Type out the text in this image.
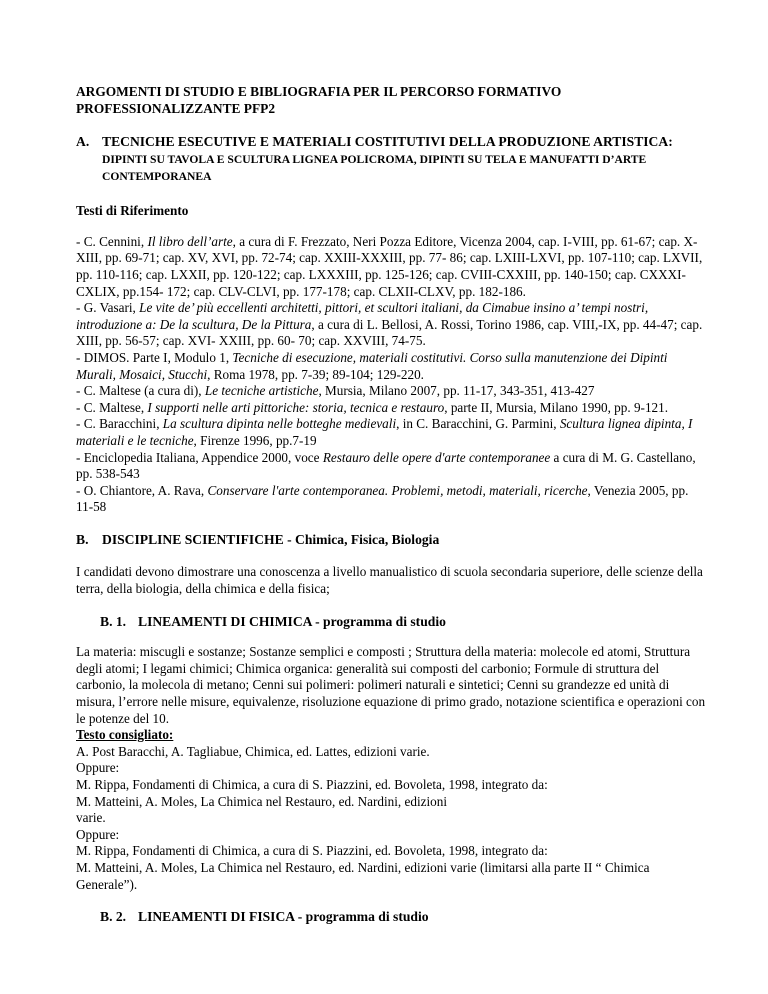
ARGOMENTI DI STUDIO E BIBLIOGRAFIA PER IL PERCORSO FORMATIVO PROFESSIONALIZZANTE PFP2
A. TECNICHE ESECUTIVE E MATERIALI COSTITUTIVI DELLA PRODUZIONE ARTISTICA: DIPINTI SU TAVOLA E SCULTURA LIGNEA POLICROMA, DIPINTI SU TELA E MANUFATTI D’ARTE CONTEMPORANEA
Testi di Riferimento

- C. Cennini, Il libro dell’arte, a cura di F. Frezzato, Neri Pozza Editore, Vicenza 2004, cap. I-VIII, pp. 61-67; cap. X-XIII, pp. 69-71; cap. XV, XVI, pp. 72-74; cap. XXIII-XXXIII, pp. 77- 86; cap. LXIII-LXVI, pp. 107-110; cap. LXVII, pp. 110-116; cap. LXXII, pp. 120-122; cap. LXXXIII, pp. 125-126; cap. CVIII-CXXIII, pp. 140-150; cap. CXXXI-CXLIX, pp.154- 172; cap. CLV-CLVI, pp. 177-178; cap. CLXII-CLXV, pp. 182-186.

- G. Vasari, Le vite de’ più eccellenti architetti, pittori, et scultori italiani, da Cimabue insino a’ tempi nostri, introduzione a: De la scultura, De la Pittura, a cura di L. Bellosi, A. Rossi, Torino 1986, cap. VIII,-IX, pp. 44-47; cap. XIII, pp. 56-57; cap. XVI- XXIII, pp. 60- 70; cap. XXVIII, 74-75.

- DIMOS. Parte I, Modulo 1, Tecniche di esecuzione, materiali costitutivi. Corso sulla manutenzione dei Dipinti Murali, Mosaici, Stucchi, Roma 1978, pp. 7-39; 89-104; 129-220.

- C. Maltese (a cura di), Le tecniche artistiche, Mursia, Milano 2007, pp. 11-17, 343-351, 413-427

- C. Maltese, I supporti nelle arti pittoriche: storia, tecnica e restauro, parte II, Mursia, Milano 1990, pp. 9-121.

- C. Baracchini, La scultura dipinta nelle botteghe medievali, in C. Baracchini, G. Parmini, Scultura lignea dipinta, I materiali e le tecniche, Firenze 1996, pp.7-19

- Enciclopedia Italiana, Appendice 2000, voce Restauro delle opere d'arte contemporanee a cura di M. G. Castellano, pp. 538-543

- O. Chiantore, A. Rava, Conservare l'arte contemporanea. Problemi, metodi, materiali, ricerche, Venezia 2005, pp. 11-58

B. DISCIPLINE SCIENTIFICHE - Chimica, Fisica, Biologia

I candidati devono dimostrare una conoscenza a livello manualistico di scuola secondaria superiore, delle scienze della terra, della biologia, della chimica e della fisica;

B. 1. LINEAMENTI DI CHIMICA - programma di studio

La materia: miscugli e sostanze; Sostanze semplici e composti ; Struttura della materia: molecole ed atomi, Struttura degli atomi; I legami chimici; Chimica organica: generalità sui composti del carbonio; Formule di struttura del carbonio, la molecola di metano; Cenni sui polimeri: polimeri naturali e sintetici; Cenni su grandezze ed unità di misura, l’errore nelle misure, equivalenze, risoluzione equazione di primo grado, notazione scientifica e operazioni con le potenze del 10.

Testo consigliato:

A. Post Baracchi, A. Tagliabue, Chimica, ed. Lattes, edizioni varie.

Oppure:

M. Rippa, Fondamenti di Chimica, a cura di S. Piazzini, ed. Bovoleta, 1998, integrato da:

M. Matteini, A. Moles, La Chimica nel Restauro, ed. Nardini, edizioni

varie.

Oppure:

M. Rippa, Fondamenti di Chimica, a cura di S. Piazzini, ed. Bovoleta, 1998, integrato da:

M. Matteini, A. Moles, La Chimica nel Restauro, ed. Nardini, edizioni varie (limitarsi alla parte II “ Chimica Generale”).

B. 2. LINEAMENTI DI FISICA - programma di studio
